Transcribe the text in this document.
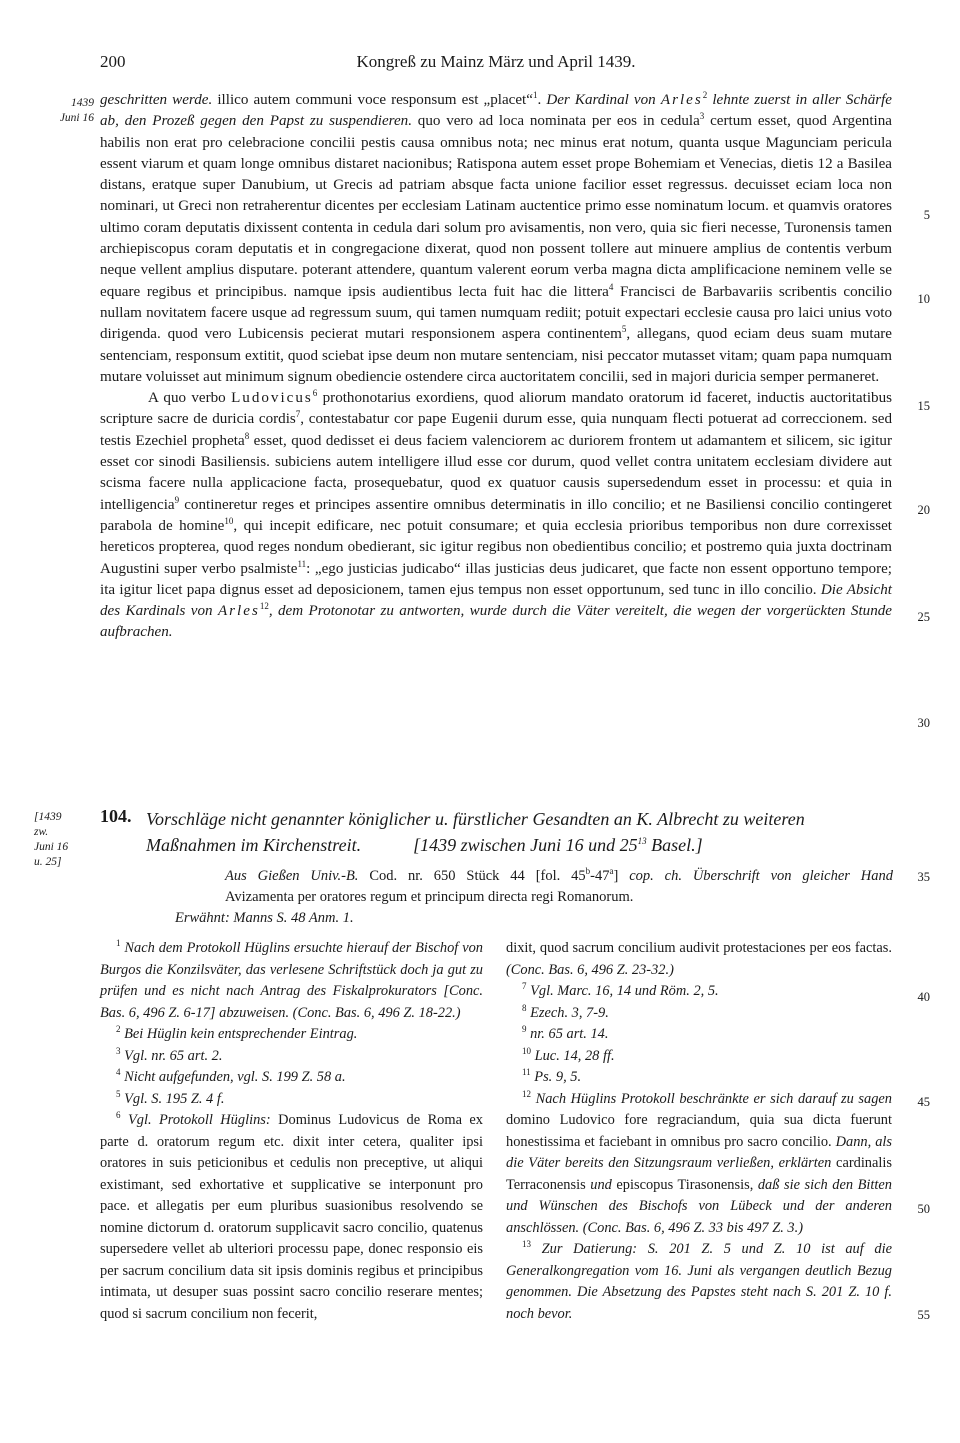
200	Kongreß zu Mainz März und April 1439.
1439
Juni 16

geschritten werde. illico autem communi voce responsum est „placet“$^1$. Der Kardinal von Arles$^2$ lehnte zuerst in aller Schärfe ab, den Prozeß gegen den Papst zu suspendieren. quo vero ad loca nominata per eos in cedula$^3$ certum esset, quod Argentina habilis non erat pro celebracione concilii pestis causa omnibus nota; nec minus erat notum, quanta usque Magunciam pericula essent viarum et quam longe omnibus distaret nacionibus; Ratispona autem esset prope Bohemiam et Venecias, dietis 12 a Basilea distans, eratque super Danubium, ut Grecis ad patriam absque facta unione facilior esset regressus. decuisset eciam loca non nominari, ut Greci non retraherentur dicentes per ecclesiam Latinam auctentice primo esse nominatum locum. et quamvis oratores ultimo coram deputatis dixissent contenta in cedula dari solum pro avisamentis, non vero, quia sic fieri necesse, Turonensis tamen archiepiscopus coram deputatis et in congregacione dixerat, quod non possent tollere aut minuere amplius de contentis verbum neque vellent amplius disputare. poterant attendere, quantum valerent eorum verba magna dicta amplificacione neminem velle se equare regibus et principibus. namque ipsis audientibus lecta fuit hac die littera$^4$ Francisci de Barbavariis scribentis concilio nullam novitatem facere usque ad regressum suum, qui tamen numquam rediit; potuit expectari ecclesie causa pro laici unius voto dirigenda. quod vero Lubicensis pecierat mutari responsionem aspera continentem$^5$, allegans, quod eciam deus suam mutare sentenciam, responsum extitit, quod sciebat ipse deum non mutare sentenciam, nisi peccator mutasset vitam; quam papa numquam mutare voluisset aut minimum signum obediencie ostendere circa auctoritatem concilii, sed in majori duricia semper permaneret.

A quo verbo Ludovicus$^6$ prothonotarius exordiens, quod aliorum mandato oratorum id faceret, inductis auctoritatibus scripture sacre de duricia cordis$^7$, contestabatur cor pape Eugenii durum esse, quia nunquam flecti potuerat ad correccionem. sed testis Ezechiel propheta$^8$ esset, quod dedisset ei deus faciem valenciorem ac duriorem frontem ut adamantem et silicem, sic igitur esset cor sinodi Basiliensis. subiciens autem intelligere illud esse cor durum, quod vellet contra unitatem ecclesiam dividere aut scisma facere nulla applicacione facta, prosequebatur, quod ex quatuor causis supersedendum esset in processu: et quia in intelligencia$^9$ contineretur reges et principes assentire omnibus determinatis in illo concilio; et ne Basiliensi concilio contingeret parabola de homine$^{10}$, qui incepit edificare, nec potuit consumare; et quia ecclesia prioribus temporibus non dure correxisset hereticos propterea, quod reges nondum obedierant, sic igitur regibus non obedientibus concilio; et postremo quia juxta doctrinam Augustini super verbo psalmiste$^{11}$: „ego justicias judicabo“ illas justicias deus judicaret, que facte non essent opportuno tempore; ita igitur licet papa dignus esset ad deposicionem, tamen ejus tempus non esset opportunum, sed tunc in illo concilio. Die Absicht des Kardinals von Arles$^{12}$, dem Protonotar zu antworten, wurde durch die Väter vereitelt, die wegen der vorgerückten Stunde aufbrachen.

5
10
15
20
25
30
35
40
45
50
55
[1439
zw.
Juni 16
u. 25]
104. Vorschläge nicht genannter königlicher u. fürstlicher Gesandten an K. Albrecht zu weiteren
Maßnahmen im Kirchenstreit.	[1439 zwischen Juni 16 und $25^{13}$ Basel.]
Aus Gießen Univ.-B. Cod. nr. 650 Stück 44 [fol. 45$^b$-47$^a$] cop. ch. Überschrift von gleicher Hand
Avizamenta per oratores regum et principum directa regi Romanorum.
Erwähnt: Manns S. 48 Anm. 1.

$^1$ Nach dem Protokoll Hüglins ersuchte hierauf der Bischof von Burgos die Konzilsväter, das verlesene Schriftstück doch ja gut zu prüfen und es nicht nach Antrag des Fiskalprokurators [Conc. Bas. 6, 496 Z. 6-17] abzuweisen. (Conc. Bas. 6, 496 Z. 18-22.)

$^2$ Bei Hüglin kein entsprechender Eintrag.

$^3$ Vgl. nr. 65 art. 2.

$^4$ Nicht aufgefunden, vgl. S. 199 Z. 58 a.

$^5$ Vgl. S. 195 Z. 4 f.

$^6$ Vgl. Protokoll Hüglins: Dominus Ludovicus de Roma ex parte d. oratorum regum etc. dixit inter cetera, qualiter ipsi oratores in suis peticionibus et cedulis non preceptive, ut aliqui existimant, sed exhortative et supplicative se interponunt pro pace. et allegatis per eum pluribus suasionibus resolvendo se nomine dictorum d. oratorum supplicavit sacro concilio, quatenus supersedere vellet ab ulteriori processu pape, donec responsio eis per sacrum concilium data sit ipsis dominis regibus et principibus intimata, ut desuper suas possint sacro concilio reserare mentes; quod si sacrum concilium non fecerit,

dixit, quod sacrum concilium audivit protestaciones per eos factas. (Conc. Bas. 6, 496 Z. 23-32.)

$^7$ Vgl. Marc. 16, 14 und Röm. 2, 5.

$^8$ Ezech. 3, 7-9.

$^9$ nr. 65 art. 14.

$^{10}$ Luc. 14, 28 ff.

$^{11}$ Ps. 9, 5.

$^{12}$ Nach Hüglins Protokoll beschränkte er sich darauf zu sagen domino Ludovico fore regraciandum, quia sua dicta fuerunt honestissima et faciebant in omnibus pro sacro concilio. Dann, als die Väter bereits den Sitzungsraum verließen, erklärten cardinalis Terraconensis und episcopus Tirasonensis, daß sie sich den Bitten und Wünschen des Bischofs von Lübeck und der anderen anschlössen. (Conc. Bas. 6, 496 Z. 33 bis 497 Z. 3.)

$^{13}$ Zur Datierung: S. 201 Z. 5 und Z. 10 ist auf die Generalkongregation vom 16. Juni als vergangen deutlich Bezug genommen. Die Absetzung des Papstes steht nach S. 201 Z. 10 f. noch bevor.
